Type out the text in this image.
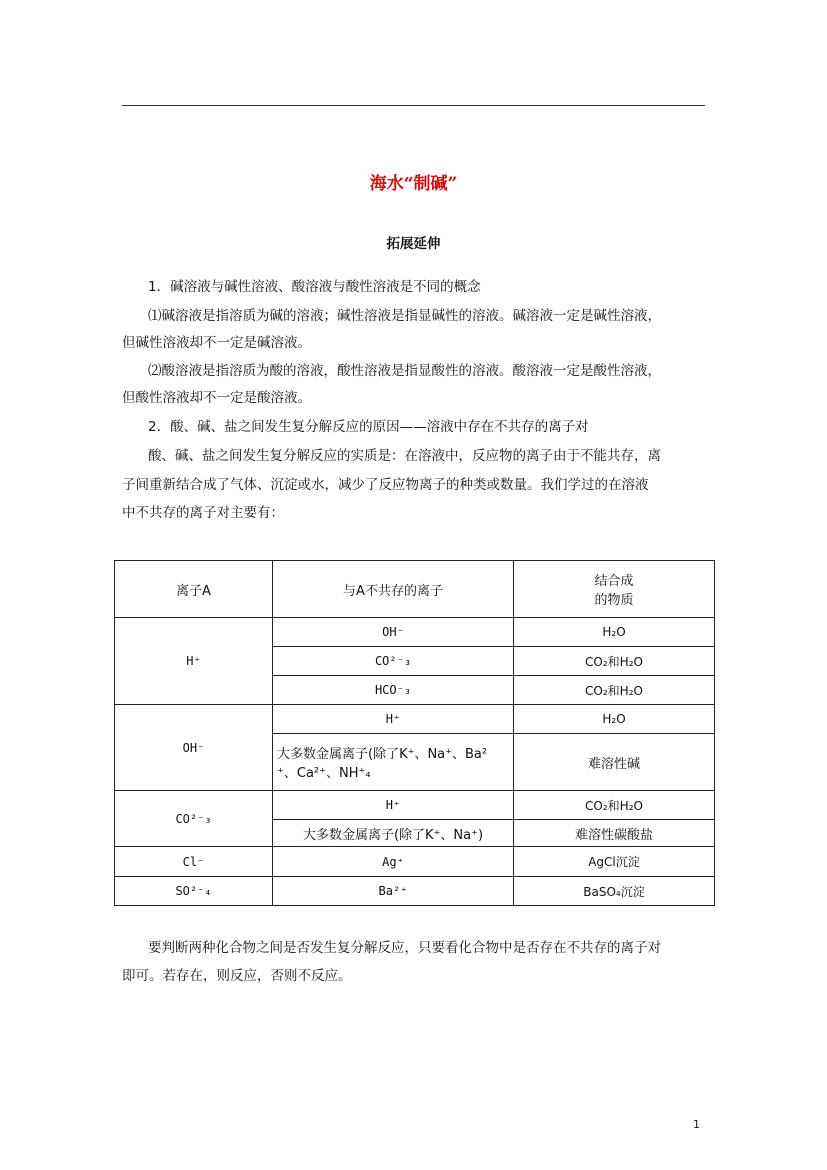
海水“制碱”
拓展延伸
1．碱溶液与碱性溶液、酸溶液与酸性溶液是不同的概念
⑴碱溶液是指溶质为碱的溶液；碱性溶液是指显碱性的溶液。碱溶液一定是碱性溶液，
但碱性溶液却不一定是碱溶液。
⑵酸溶液是指溶质为酸的溶液，酸性溶液是指显酸性的溶液。酸溶液一定是酸性溶液，
但酸性溶液却不一定是酸溶液。
2．酸、碱、盐之间发生复分解反应的原因——溶液中存在不共存的离子对
酸、碱、盐之间发生复分解反应的实质是：在溶液中，反应物的离子由于不能共存，离
子间重新结合成了气体、沉淀或水，减少了反应物离子的种类或数量。我们学过的在溶液
中不共存的离子对主要有：
离子A	与A不共存的离子	结合成
的物质

H⁺	OH⁻	H₂O
	CO²⁻₃	CO₂和H₂O
	HCO⁻₃	CO₂和H₂O
OH⁻	H⁺	H₂O

	大多数金属离子(除了K⁺、Na⁺、Ba²
⁺、Ca²⁺、NH⁺₄	难溶性碱
CO²⁻₃	H⁺	CO₂和H₂O
	大多数金属离子(除了K⁺、Na⁺)	难溶性碳酸盐
Cl⁻	Ag⁺	AgCl沉淀
SO²⁻₄	Ba²⁺	BaSO₄沉淀
要判断两种化合物之间是否发生复分解反应，只要看化合物中是否存在不共存的离子对
即可。若存在，则反应，否则不反应。
1
